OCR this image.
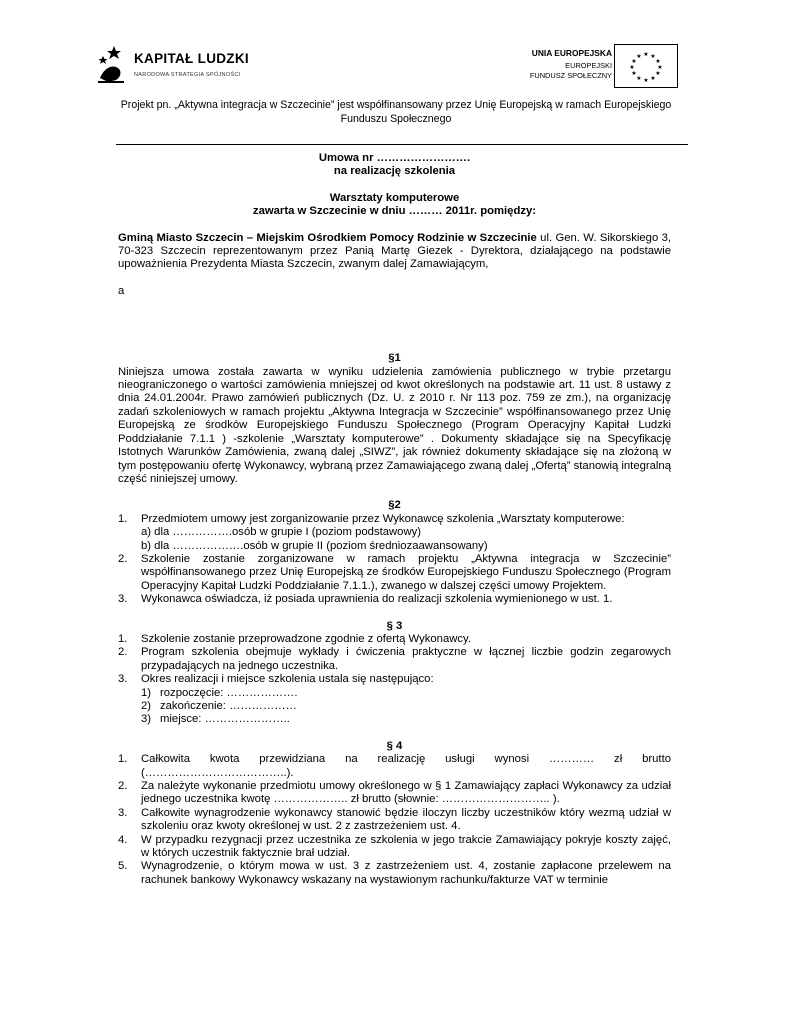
KAPITAŁ LUDZKI
NARODOWA STRATEGIA SPÓJNOŚCI
UNIA EUROPEJSKA
EUROPEJSKI
FUNDUSZ SPOŁECZNY
★ ★
★
★
★
★
★
★
★
★
★
★
Projekt pn. „Aktywna integracja w Szczecinie” jest współfinansowany przez Unię Europejską w ramach Europejskiego Funduszu Społecznego

Umowa nr …………………….

na realizację szkolenia

Warsztaty komputerowe

zawarta w Szczecinie w dniu ……… 2011r. pomiędzy:

Gminą Miasto Szczecin – Miejskim Ośrodkiem Pomocy Rodzinie w Szczecinie ul. Gen. W. Sikorskiego 3, 70-323 Szczecin reprezentowanym przez Panią Martę Giezek - Dyrektora, działającego na podstawie upoważnienia Prezydenta Miasta Szczecin, zwanym dalej Zamawiającym,

a

§1

Niniejsza umowa została zawarta w wyniku udzielenia zamówienia publicznego w trybie przetargu nieograniczonego o wartości zamówienia mniejszej od kwot określonych na podstawie art. 11 ust. 8 ustawy z dnia 24.01.2004r. Prawo zamówień publicznych (Dz. U. z 2010 r. Nr 113 poz. 759 ze zm.), na organizację zadań szkoleniowych w ramach projektu „Aktywna Integracja w Szczecinie” współfinansowanego przez Unię Europejską ze środków Europejskiego Funduszu Społecznego (Program Operacyjny Kapitał Ludzki Poddziałanie 7.1.1 ) -szkolenie „Warsztaty komputerowe” . Dokumenty składające się na Specyfikację Istotnych Warunków Zamówienia, zwaną dalej „SIWZ”, jak również dokumenty składające się na złożoną w tym postępowaniu ofertę Wykonawcy, wybraną przez Zamawiającego zwaną dalej „Ofertą” stanowią integralną część niniejszej umowy.

§2

1. Przedmiotem umowy jest zorganizowanie przez Wykonawcę szkolenia „Warsztaty komputerowe:
a) dla …………….osób w grupie I (poziom podstawowy)
b) dla ……………….osób w grupie II (poziom średniozaawansowany)
2. Szkolenie zostanie zorganizowane w ramach projektu „Aktywna integracja w Szczecinie” współfinansowanego przez Unię Europejską ze środków Europejskiego Funduszu Społecznego (Program Operacyjny Kapitał Ludzki Poddziałanie 7.1.1.), zwanego w dalszej części umowy Projektem.
3. Wykonawca oświadcza, iż posiada uprawnienia do realizacji szkolenia wymienionego w ust. 1.

§ 3

1. Szkolenie zostanie przeprowadzone zgodnie z ofertą Wykonawcy.
2. Program szkolenia obejmuje wykłady i ćwiczenia praktyczne w łącznej liczbie godzin zegarowych przypadających na jednego uczestnika.
3. Okres realizacji i miejsce szkolenia ustala się następująco:
1) rozpoczęcie: ……………….
2) zakończenie: ………………
3) miejsce: …………………..

§ 4

1. Całkowita kwota przewidziana na realizację usługi wynosi ………… zł brutto (………………………………..).
2. Za należyte wykonanie przedmiotu umowy określonego w § 1 Zamawiający zapłaci Wykonawcy za udział jednego uczestnika kwotę ……………….. zł brutto (słownie: ……………………….. ).
3. Całkowite wynagrodzenie wykonawcy stanowić będzie iloczyn liczby uczestników który wezmą udział w szkoleniu oraz kwoty określonej w ust. 2 z zastrzeżeniem ust. 4.
4. W przypadku rezygnacji przez uczestnika ze szkolenia w jego trakcie Zamawiający pokryje koszty zajęć, w których uczestnik faktycznie brał udział.
5. Wynagrodzenie, o którym mowa w ust. 3 z zastrzeżeniem ust. 4, zostanie zapłacone przelewem na rachunek bankowy Wykonawcy wskazany na wystawionym rachunku/fakturze VAT w terminie
